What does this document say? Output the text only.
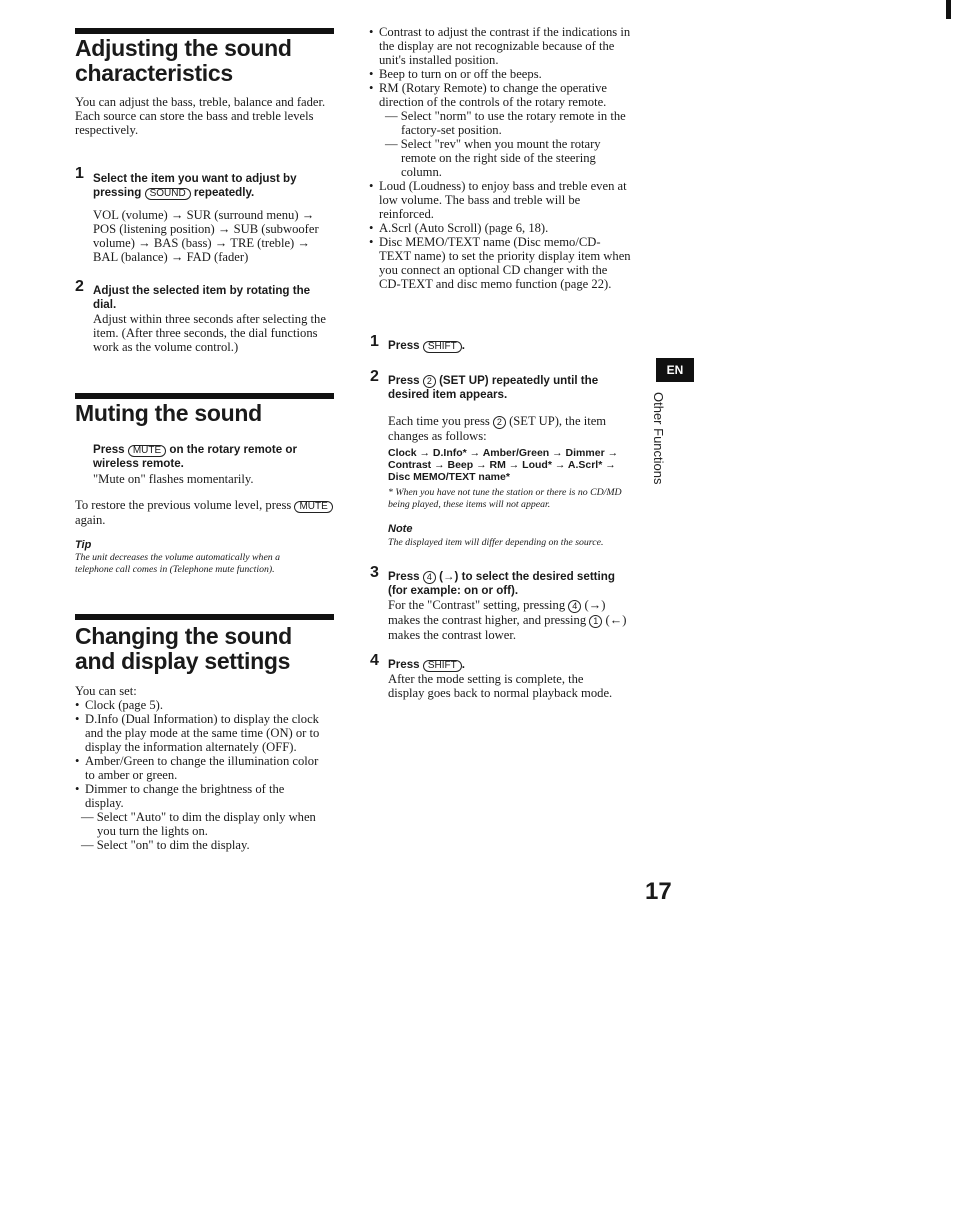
Adjusting the sound characteristics

You can adjust the bass, treble, balance and fader.

Each source can store the bass and treble levels respectively.

1 Select the item you want to adjust by pressing SOUND repeatedly.
VOL (volume) → SUR (surround menu) → POS (listening position) → SUB (subwoofer volume) → BAS (bass) → TRE (treble) → BAL (balance) → FAD (fader)
2 Adjust the selected item by rotating the dial.
Adjust within three seconds after selecting the item. (After three seconds, the dial functions work as the volume control.)
Muting the sound
Press MUTE on the rotary remote or wireless remote.
"Mute on" flashes momentarily.
To restore the previous volume level, press MUTE again.
Tip
The unit decreases the volume automatically when a telephone call comes in (Telephone mute function).
Changing the sound and display settings

You can set:

• Clock (page 5).
• D.Info (Dual Information) to display the clock and the play mode at the same time (ON) or to display the information alternately (OFF).
• Amber/Green to change the illumination color to amber or green.
• Dimmer to change the brightness of the display.

— Select "Auto" to dim the display only when you turn the lights on.

— Select "on" to dim the display.

• Contrast to adjust the contrast if the indications in the display are not recognizable because of the unit's installed position.
• Beep to turn on or off the beeps.
• RM (Rotary Remote) to change the operative direction of the controls of the rotary remote.

— Select "norm" to use the rotary remote in the factory-set position.

— Select "rev" when you mount the rotary remote on the right side of the steering column.

• Loud (Loudness) to enjoy bass and treble even at low volume. The bass and treble will be reinforced.
• A.Scrl (Auto Scroll) (page 6, 18).
• Disc MEMO/TEXT name (Disc memo/CD-TEXT name) to set the priority display item when you connect an optional CD changer with the CD-TEXT and disc memo function (page 22).
1 Press SHIFT .
2 Press 2 (SET UP) repeatedly until the desired item appears.
Each time you press 2 (SET UP), the item changes as follows:
Clock → D.Info* → Amber/Green → Dimmer → Contrast → Beep → RM → Loud* → A.Scrl* → Disc MEMO/TEXT name*
* When you have not tune the station or there is no CD/MD being played, these items will not appear.
Note
The displayed item will differ depending on the source.
3 Press 4 (→) to select the desired setting (for example: on or off).
For the "Contrast" setting, pressing 4 (→) makes the contrast higher, and pressing 1 (←) makes the contrast lower.
4 Press SHIFT .
After the mode setting is complete, the display goes back to normal playback mode.
EN
Other Functions
17
